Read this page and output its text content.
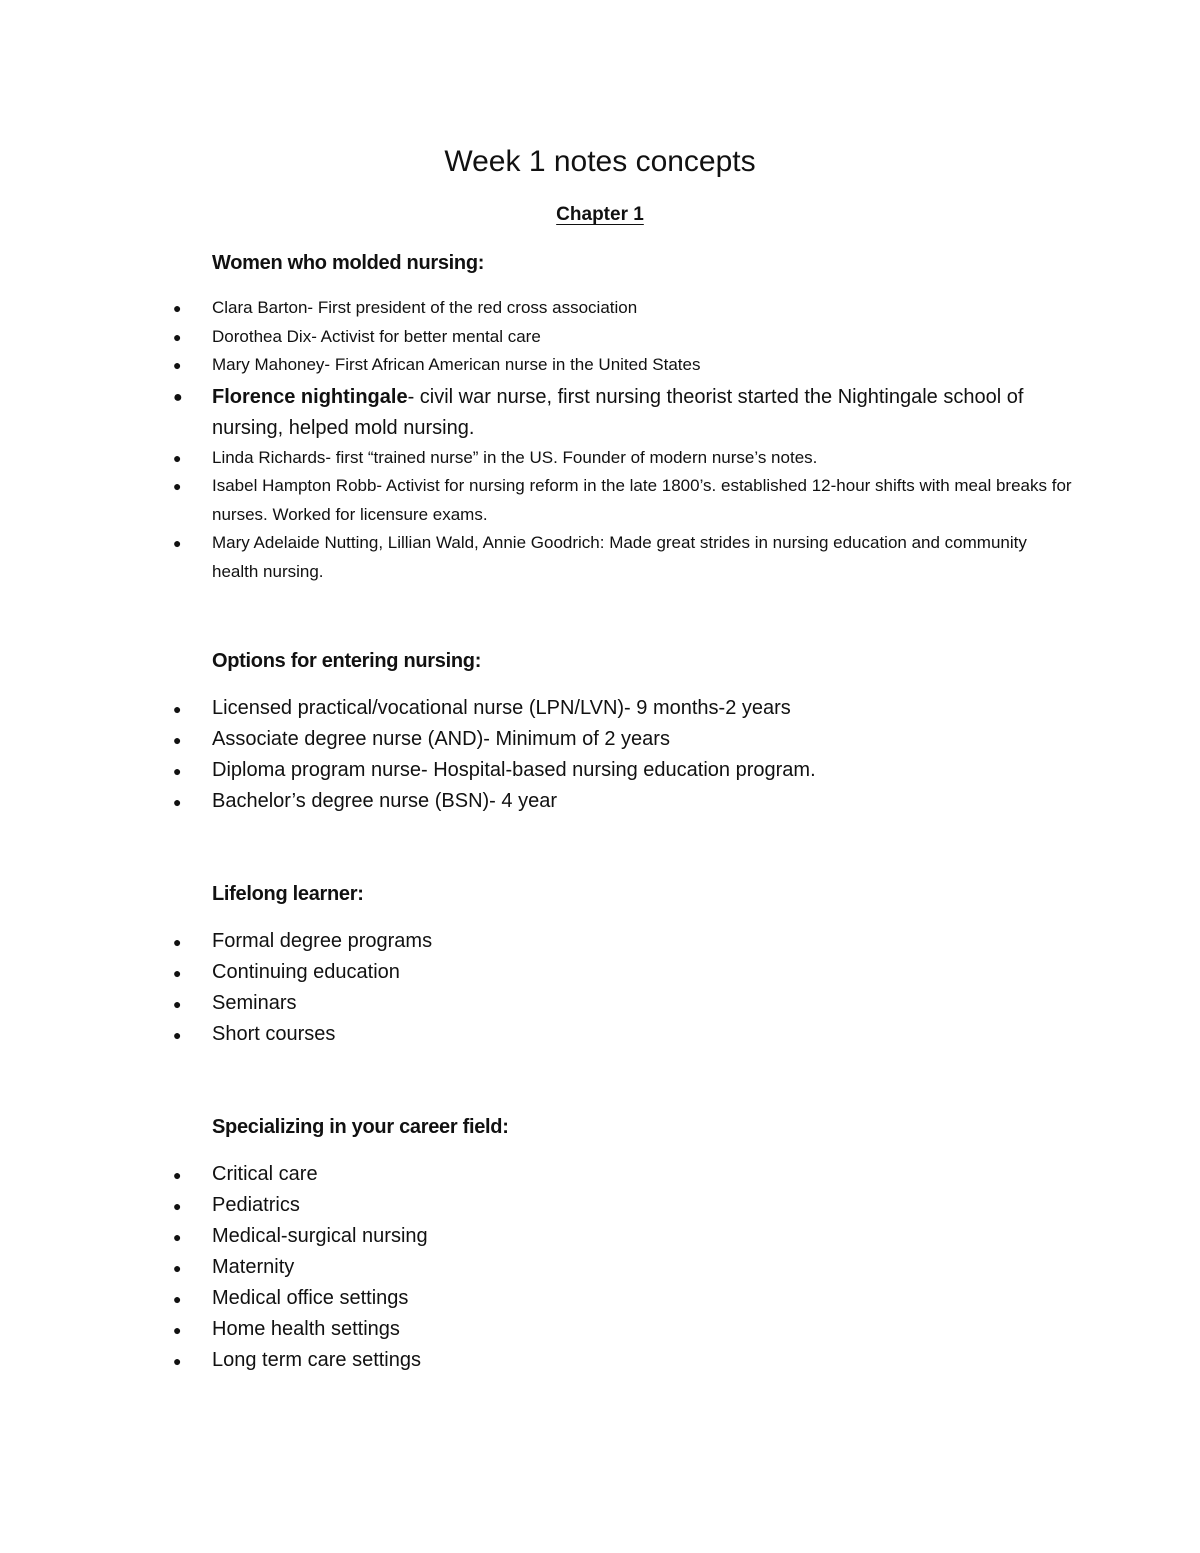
Week 1 notes concepts
Chapter 1
Women who molded nursing:
● Clara Barton- First president of the red cross association
● Dorothea Dix- Activist for better mental care
● Mary Mahoney- First African American nurse in the United States
● Florence nightingale- civil war nurse, first nursing theorist started the Nightingale school of nursing, helped mold nursing.
● Linda Richards- first “trained nurse” in the US. Founder of modern nurse’s notes.
● Isabel Hampton Robb- Activist for nursing reform in the late 1800’s. established 12-hour shifts with meal breaks for nurses. Worked for licensure exams.
● Mary Adelaide Nutting, Lillian Wald, Annie Goodrich: Made great strides in nursing education and community health nursing.
Options for entering nursing:
● Licensed practical/vocational nurse (LPN/LVN)- 9 months-2 years
● Associate degree nurse (AND)- Minimum of 2 years
● Diploma program nurse- Hospital-based nursing education program.
● Bachelor’s degree nurse (BSN)- 4 year
Lifelong learner:
● Formal degree programs
● Continuing education
● Seminars
● Short courses
Specializing in your career field:
● Critical care
● Pediatrics
● Medical-surgical nursing
● Maternity
● Medical office settings
● Home health settings
● Long term care settings
